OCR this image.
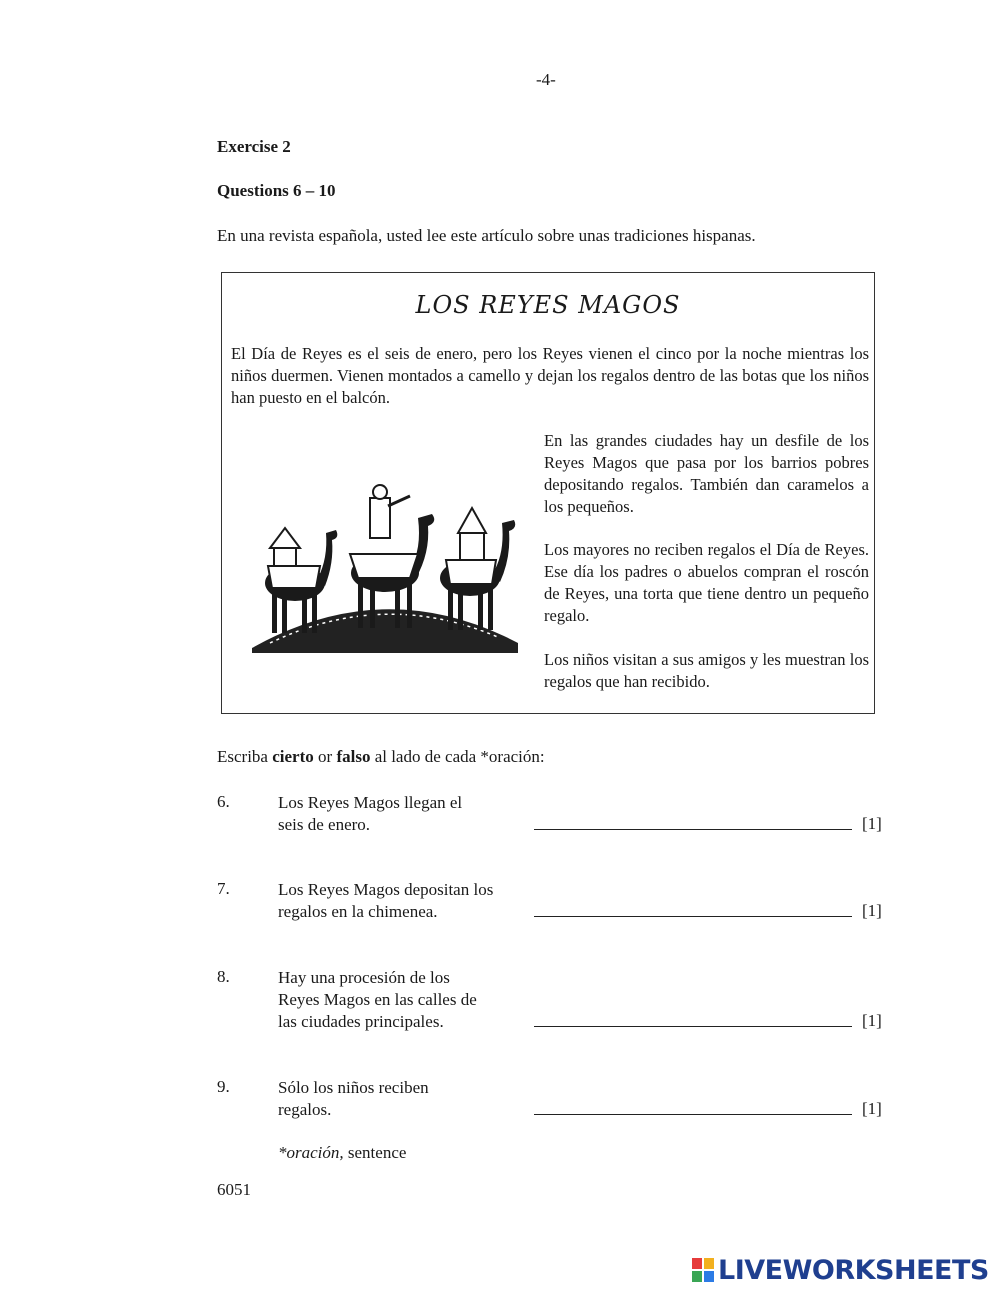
-4-
Exercise 2
Questions 6 – 10
En una revista española, usted lee este artículo sobre unas tradiciones hispanas.
LOS REYES MAGOS

El Día de Reyes es el seis de enero, pero los Reyes vienen el cinco por la noche mientras los niños duermen. Vienen montados a camello y dejan los regalos dentro de las botas que los niños han puesto en el balcón.

En las grandes ciudades hay un desfile de los Reyes Magos que pasa por los barrios pobres depositando regalos. También dan caramelos a los pequeños.

Los mayores no reciben regalos el Día de Reyes. Ese día los padres o abuelos compran el roscón de Reyes, una torta que tiene dentro un pequeño regalo.

Los niños visitan a sus amigos y les muestran los regalos que han recibido.

Escriba cierto or falso al lado de cada *oración:
6.	Los Reyes Magos llegan el
seis de enero.	[1]
7.	Los Reyes Magos depositan los
regalos en la chimenea.	[1]
8.	Hay una procesión de los
Reyes Magos en las calles de
las ciudades principales.	[1]
9.	Sólo los niños reciben
regalos.	[1]
*oración, sentence
6051
LIVEWORKSHEETS
